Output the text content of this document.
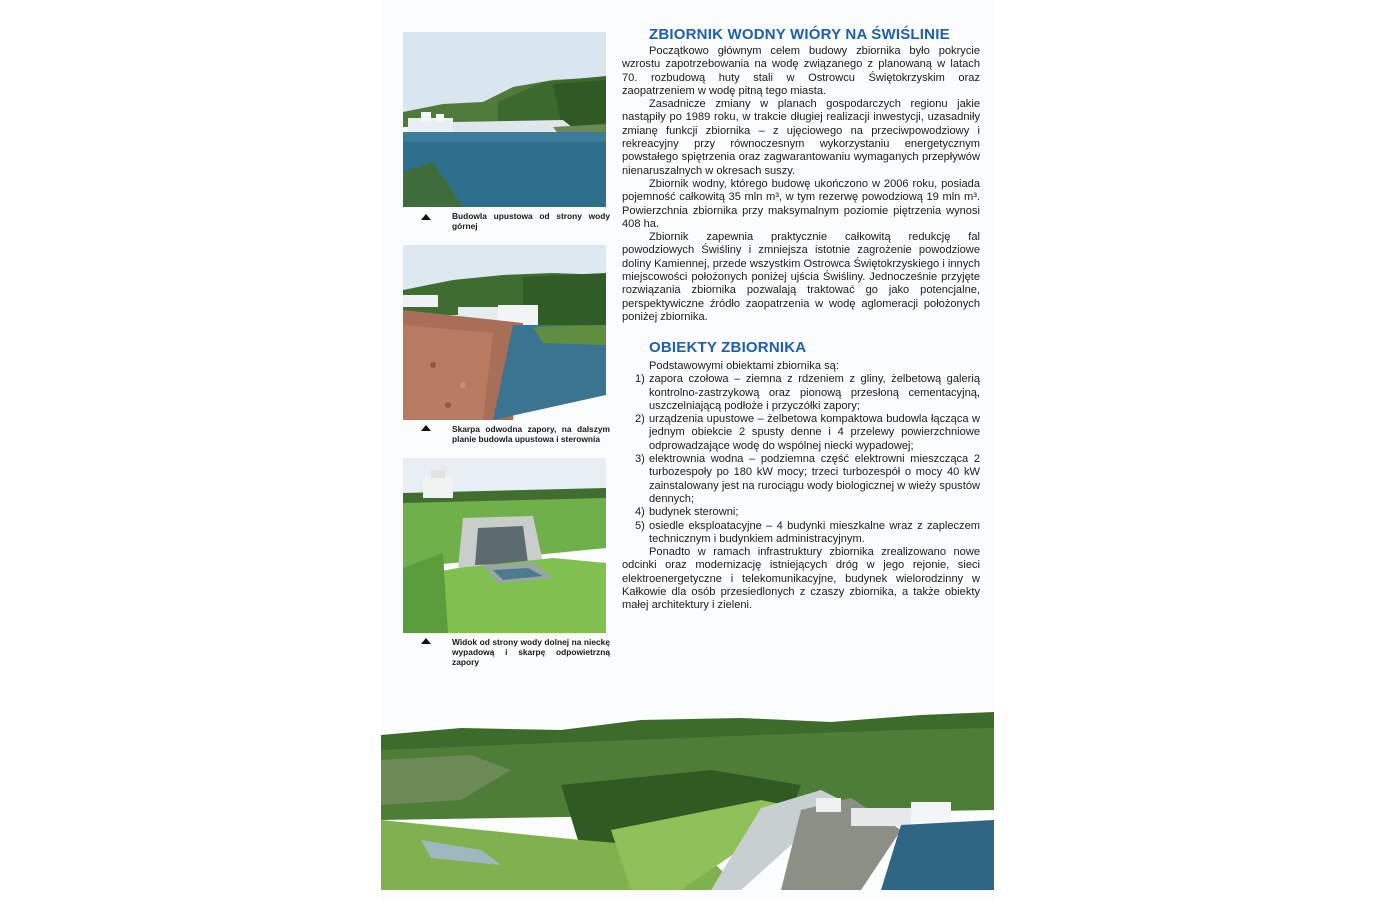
Budowla upustowa od strony wody górnej
Skarpa odwodna zapory, na dalszym planie budowla upustowa i sterownia
Widok od strony wody dolnej na nieckę wypadową i skarpę odpowietrzną zapory
ZBIORNIK WODNY WIÓRY NA ŚWIŚLINIE

Początkowo głównym celem budowy zbiornika było pokrycie wzrostu zapotrzebowania na wodę związanego z planowaną w latach 70. rozbudową huty stali w Ostrowcu Świętokrzyskim oraz zaopatrzeniem w wodę pitną tego miasta.

Zasadnicze zmiany w planach gospodarczych regionu jakie nastąpiły po 1989 roku, w trakcie długiej realizacji inwestycji, uzasadniły zmianę funkcji zbiornika – z ujęciowego na przeciwpowodziowy i rekreacyjny przy równoczesnym wykorzystaniu energetycznym powstałego spiętrzenia oraz zagwarantowaniu wymaganych przepływów nienaruszalnych w okresach suszy.

Zbiornik wodny, którego budowę ukończono w 2006 roku, posiada pojemność całkowitą 35 mln m³, w tym rezerwę powodziową 19 mln m³. Powierzchnia zbiornika przy maksymalnym poziomie piętrzenia wynosi 408 ha.

Zbiornik zapewnia praktycznie całkowitą redukcję fal powodziowych Świśliny i zmniejsza istotnie zagrożenie powodziowe doliny Kamiennej, przede wszystkim Ostrowca Świętokrzyskiego i innych miejscowości położonych poniżej ujścia Świśliny. Jednocześnie przyjęte rozwiązania zbiornika pozwalają traktować go jako potencjalne, perspektywiczne źródło zaopatrzenia w wodę aglomeracji położonych poniżej zbiornika.

OBIEKTY ZBIORNIKA

Podstawowymi obiektami zbiornika są:

1) zapora czołowa – ziemna z rdzeniem z gliny, żelbetową galerią kontrolno-zastrzykową oraz pionową przesłoną cementacyjną, uszczelniającą podłoże i przyczółki zapory;
2) urządzenia upustowe – żelbetowa kompaktowa budowla łącząca w jednym obiekcie 2 spusty denne i 4 przelewy powierzchniowe odprowadzające wodę do wspólnej niecki wypadowej;
3) elektrownia wodna – podziemna część elektrowni mieszcząca 2 turbozespoły po 180 kW mocy; trzeci turbozespół o mocy 40 kW zainstalowany jest na rurociągu wody biologicznej w wieży spustów dennych;
4) budynek sterowni;
5) osiedle eksploatacyjne – 4 budynki mieszkalne wraz z zapleczem technicznym i budynkiem administracyjnym.

Ponadto w ramach infrastruktury zbiornika zrealizowano nowe odcinki oraz modernizację istniejących dróg w jego rejonie, sieci elektroenergetyczne i telekomunikacyjne, budynek wielorodzinny w Kałkowie dla osób przesiedlonych z czaszy zbiornika, a także obiekty małej architektury i zieleni.
